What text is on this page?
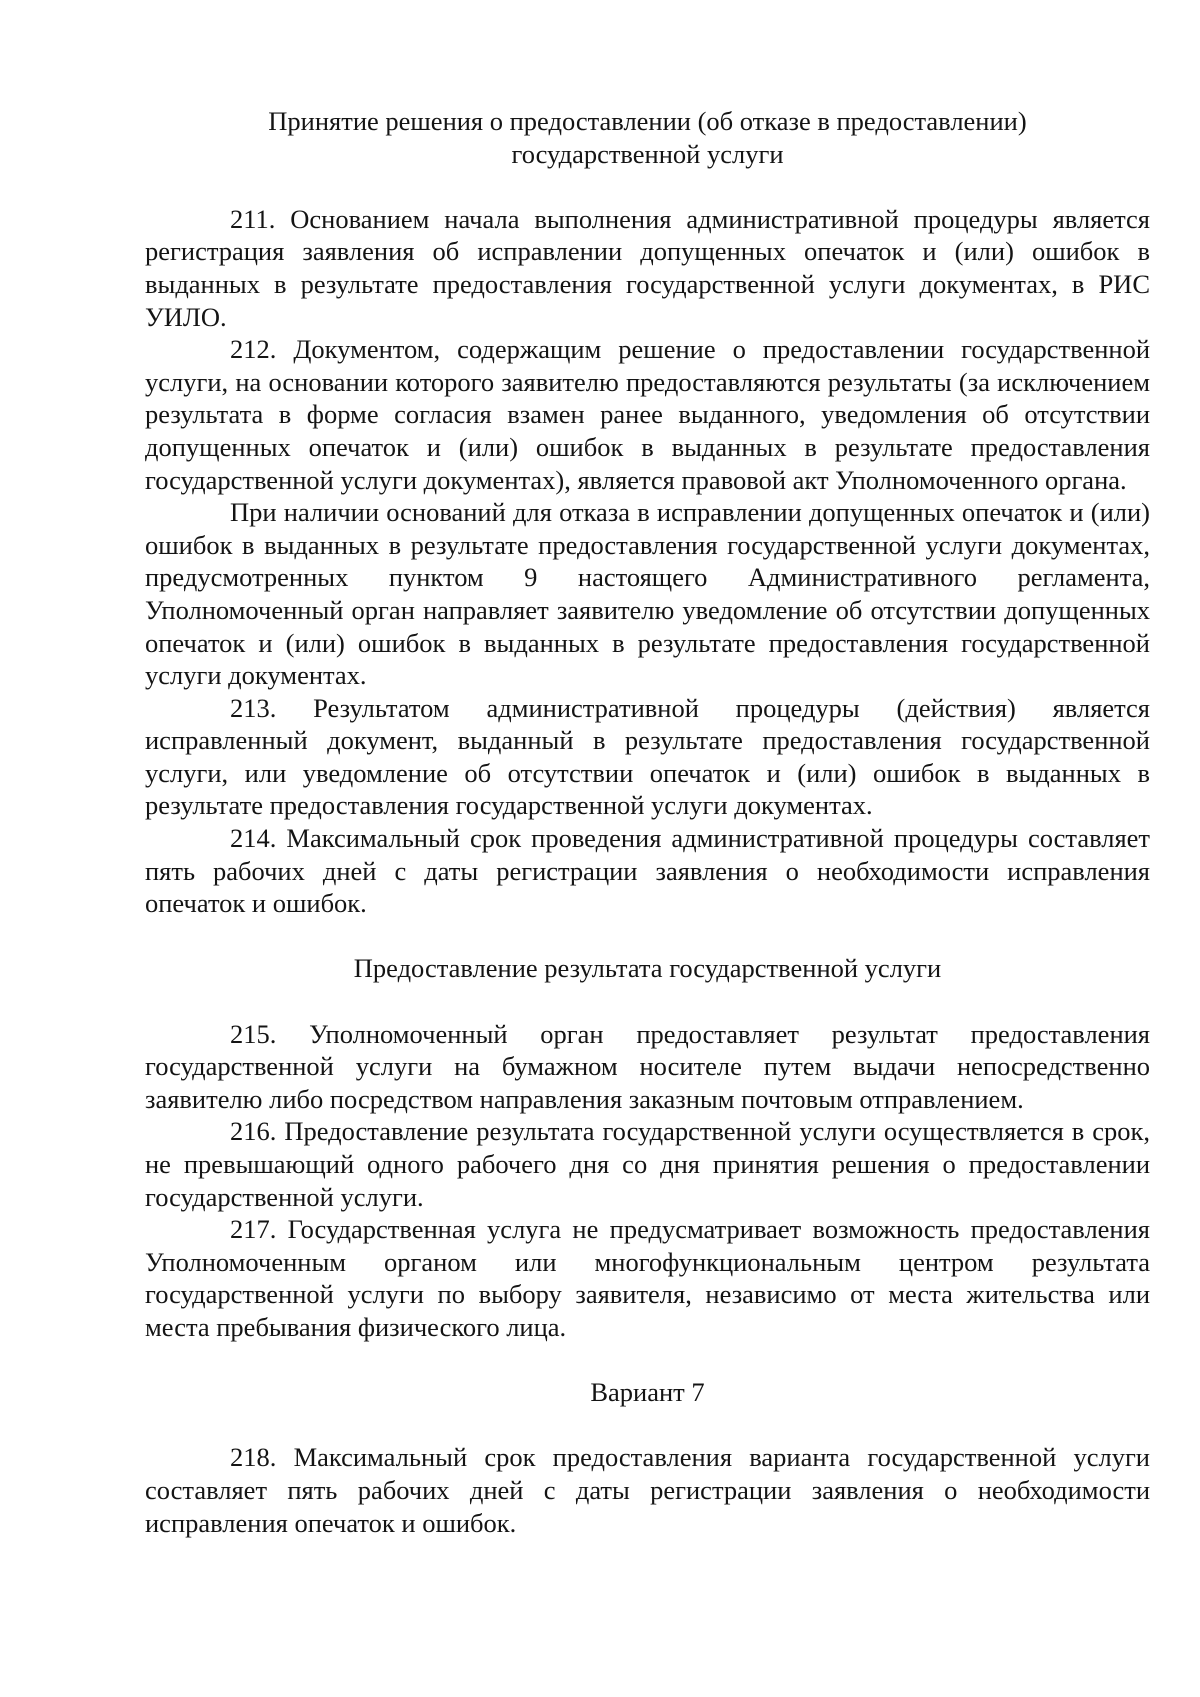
Принятие решения о предоставлении (об отказе в предоставлении)
государственной услуги

211. Основанием начала выполнения административной процедуры является регистрация заявления об исправлении допущенных опечаток и (или) ошибок в выданных в результате предоставления государственной услуги документах, в РИС УИЛО.

212. Документом, содержащим решение о предоставлении государственной услуги, на основании которого заявителю предоставляются результаты (за исключением результата в форме согласия взамен ранее выданного, уведомления об отсутствии допущенных опечаток и (или) ошибок в выданных в результате предоставления государственной услуги документах), является правовой акт Уполномоченного органа.

При наличии оснований для отказа в исправлении допущенных опечаток и (или) ошибок в выданных в результате предоставления государственной услуги документах, предусмотренных пунктом 9 настоящего Административного регламента, Уполномоченный орган направляет заявителю уведомление об отсутствии допущенных опечаток и (или) ошибок в выданных в результате предоставления государственной услуги документах.

213. Результатом административной процедуры (действия) является исправленный документ, выданный в результате предоставления государственной услуги, или уведомление об отсутствии опечаток и (или) ошибок в выданных в результате предоставления государственной услуги документах.

214. Максимальный срок проведения административной процедуры составляет пять рабочих дней с даты регистрации заявления о необходимости исправления опечаток и ошибок.

Предоставление результата государственной услуги

215. Уполномоченный орган предоставляет результат предоставления государственной услуги на бумажном носителе путем выдачи непосредственно заявителю либо посредством направления заказным почтовым отправлением.

216. Предоставление результата государственной услуги осуществляется в срок, не превышающий одного рабочего дня со дня принятия решения о предоставлении государственной услуги.

217. Государственная услуга не предусматривает возможность предоставления Уполномоченным органом или многофункциональным центром результата государственной услуги по выбору заявителя, независимо от места жительства или места пребывания физического лица.

Вариант 7

218. Максимальный срок предоставления варианта государственной услуги составляет пять рабочих дней с даты регистрации заявления о необходимости исправления опечаток и ошибок.
